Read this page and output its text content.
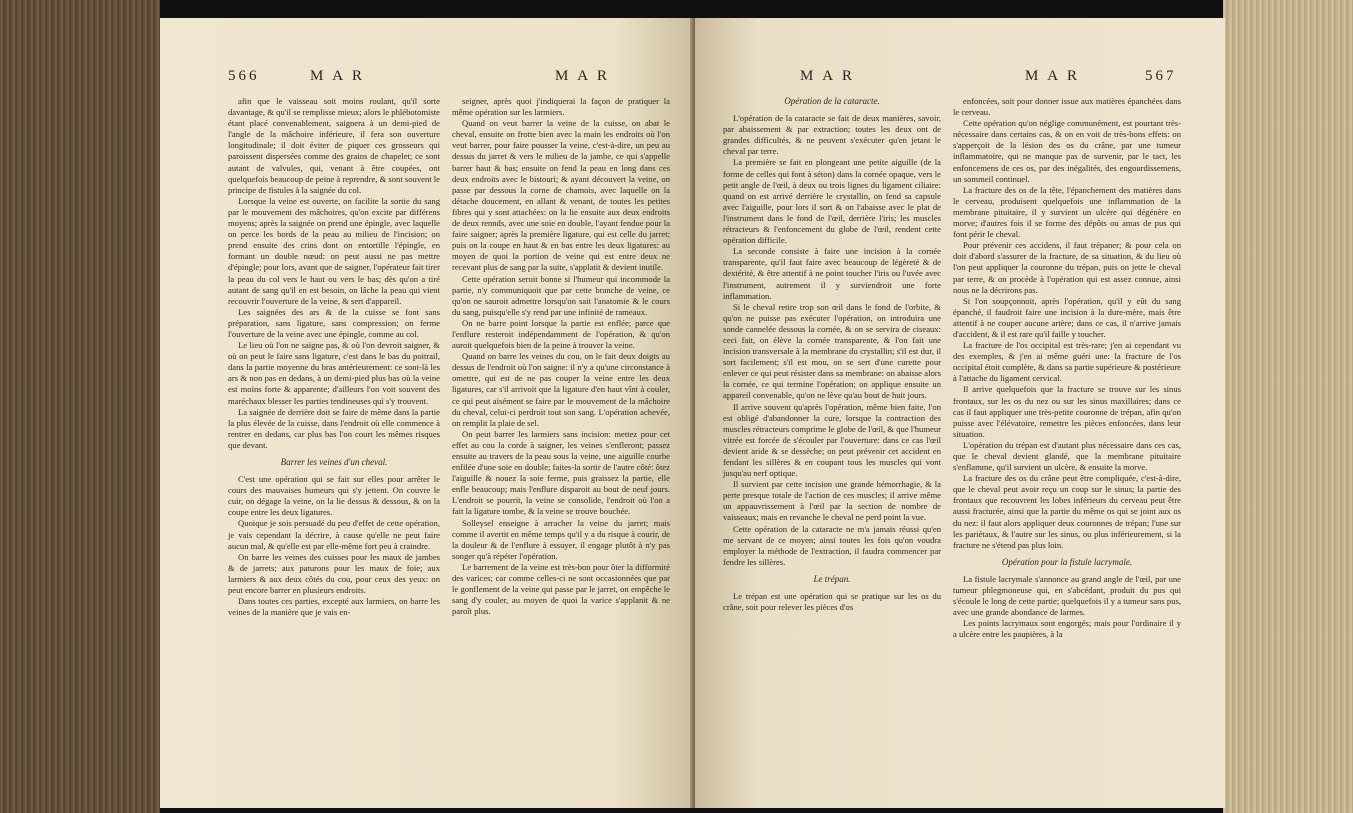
566	M A R	M A R

afin que le vaisseau soit moins roulant, qu'il sorte davantage, & qu'il se remplisse mieux; alors le phlébotomiste étant placé convenablement, saignera à un demi-pied de l'angle de la mâchoire inférieure, il fera son ouverture longitudinale; il doit éviter de piquer ces grosseurs qui paroissent dispersées comme des grains de chapelet; ce sont autant de valvules, qui, venant à être coupées, ont quelquefois beaucoup de peine à reprendre, & sont souvent le principe de fistules à la saignée du col.

Lorsque la veine est ouverte, on facilite la sortie du sang par le mouvement des mâchoires, qu'on excite par différens moyens; après la saignée on prend une épingle, avec laquelle on perce les bords de la peau au milieu de l'incision; on prend ensuite des crins dont on entortille l'épingle, en formant un double nœud: on peut aussi ne pas mettre d'épingle; pour lors, avant que de saigner, l'opérateur fait tirer la peau du col vers le haut ou vers le bas; dès qu'on a tiré autant de sang qu'il en est besoin, on lâche la peau qui vient recouvrir l'ouverture de la veine, & sert d'appareil.

Les saignées des ars & de la cuisse se font sans préparation, sans ligature, sans compression; on ferme l'ouverture de la veine avec une épingle, comme au col.

Le lieu où l'on ne saigne pas, & où l'on devroit saigner, & où on peut le faire sans ligature, c'est dans le bas du poitrail, dans la partie moyenne du bras antérieurement: ce sont-là les ars & non pas en dedans, à un demi-pied plus bas où la veine est moins forte & apparente; d'ailleurs l'on voit souvent des maréchaux blesser les parties tendineuses qui s'y trouvent.

La saignée de derrière doit se faire de même dans la partie la plus élevée de la cuisse, dans l'endroit où elle commence à rentrer en dedans, car plus bas l'on court les mêmes risques que devant.

Barrer les veines d'un cheval.

C'est une opération qui se fait sur elles pour arrêter le cours des mauvaises humeurs qui s'y jettent. On couvre le cuir, on dégage la veine, on la lie dessus & dessous, & on la coupe entre les deux ligatures.

Quoique je sois persuadé du peu d'effet de cette opération, je vais cependant la décrire, à cause qu'elle ne peut faire aucun mal, & qu'elle est par elle-même fort peu à craindre.

On barre les veines des cuisses pour les maux de jambes & de jarrets; aux paturons pour les maux de foie; aux larmiers & aux deux côtés du cou, pour ceux des yeux: on peut encore barrer en plusieurs endroits.

Dans toutes ces parties, excepté aux larmiers, on barre les veines de la manière que je vais en-

seigner, après quoi j'indiquerai la façon de pratiquer la même opération sur les larmiers.

Quand on veut barrer la veine de la cuisse, on abat le cheval, ensuite on frotte bien avec la main les endroits où l'on veut barrer, pour faire pousser la veine, c'est-à-dire, un peu au dessus du jarret & vers le milieu de la jambe, ce qui s'appelle barrer haut & bas; ensuite on fend la peau en long dans ces deux endroits avec le bistouri; & ayant découvert la veine, on passe par dessous la corne de chamois, avec laquelle on la détache doucement, en allant & venant, de toutes les petites fibres qui y sont attachées: on la lie ensuite aux deux endroits de deux rennds, avec une soie en double, l'ayant fendue pour la faire saigner; après la première ligature, qui est celle du jarret; puis on la coupe en haut & en bas entre les deux ligatures: au moyen de quoi la portion de veine qui est entre deux ne recevant plus de sang par la suite, s'applatit & devient inutile.

Cette opération seroit bonne si l'humeur qui incommode la partie, n'y communiquoit que par cette branche de veine, ce qu'on ne sauroit admettre lorsqu'on sait l'anatomie & le cours du sang, puisqu'elle s'y rend par une infinité de rameaux.

On ne barre point lorsque la partie est enflée; parce que l'enflure resteroit indépendamment de l'opération, & qu'on auroit quelquefois bien de la peine à trouver la veine.

Quand on barre les veines du cou, on le fait deux doigts au dessus de l'endroit où l'on saigne: il n'y a qu'une circonstance à omettre, qui est de ne pas couper la veine entre les deux ligatures, car s'il arrivoit que la ligature d'en haut vînt à couler, ce qui peut aisément se faire par le mouvement de la mâchoire du cheval, celui-ci perdroit tout son sang. L'opération achevée, on remplit la plaie de sel.

On peut barrer les larmiers sans incision: mettez pour cet effet au cou la corde à saigner, les veines s'enfleront; passez ensuite au travers de la peau sous la veine, une aiguille courbe enfilée d'une soie en double; faites-la sortir de l'autre côté: ôtez l'aiguille & nouez la soie ferme, puis graissez la partie, elle enfle beaucoup; mais l'enflure disparoit au bout de neuf jours. L'endroit se pourrit, la veine se consolide, l'endroit où l'on a fait la ligature tombe, & la veine se trouve bouchée.

Solleysel enseigne à arracher la veine du jarret; mais comme il avertit en même temps qu'il y a du risque à courir, de la douleur & de l'enflure à essuyer, il engage plutôt à n'y pas songer qu'à répéter l'opération.

Le barrement de la veine est très-bon pour ôter la difformité des varices; car comme celles-ci ne sont occasionnées que par le gonflement de la veine qui passe par le jarret, on empêche le sang d'y couler, au moyen de quoi la varice s'applanit & ne paroît plus.

M A R	M A R	567
Opération de la cataracte.

L'opération de la cataracte se fait de deux manières, savoir, par abaissement & par extraction; toutes les deux ont de grandes difficultés, & ne peuvent s'exécuter qu'en jetant le cheval par terre.

La première se fait en plongeant une petite aiguille (de la forme de celles qui font à séton) dans la cornée opaque, vers le petit angle de l'œil, à deux ou trois lignes du ligament ciliaire: quand on est arrivé derrière le crystallin, on fend sa capsule avec l'aiguille, pour lors il sort & on l'abaisse avec le plat de l'instrument dans le fond de l'œil, derrière l'iris; les muscles rétracteurs & l'enfoncement du globe de l'œil, rendent cette opération difficile.

La seconde consiste à faire une incision à la cornée transparente, qu'il faut faire avec beaucoup de légèreté & de dextérité, & être attentif à ne point toucher l'iris ou l'uvée avec l'instrument, autrement il y surviendroit une forte inflammation.

Si le cheval retire trop son œil dans le fond de l'orbite, & qu'on ne puisse pas exécuter l'opération, on introduira une sonde cannelée dessous la cornée, & on se servira de ciseaux: ceci fait, on élève la cornée transparente, & l'on fait une incision transversale à la membrane du crystallin; s'il est dur, il sort facilement; s'il est mou, on se sert d'une curette pour enlever ce qui peut résister dans sa membrane: on abaisse alors la cornée, ce qui termine l'opération; on applique ensuite un appareil convenable, qu'on ne lève qu'au bout de huit jours.

Il arrive souvent qu'après l'opération, même bien faite, l'on est obligé d'abandonner la cure, lorsque la contraction des muscles rétracteurs comprime le globe de l'œil, & que l'humeur vitrée est forcée de s'écouler par l'ouverture: dans ce cas l'œil devient aride & se dessèche; on peut prévenir cet accident en fendant les sillères & en coupant tous les muscles qui vont jusqu'au nerf optique.

Il survient par cette incision une grande hémorrhagie, & la perte presque totale de l'action de ces muscles; il arrive même un appauvrissement à l'œil par la section de nombre de vaisseaux; mais en revanche le cheval ne perd point la vue.

Cette opération de la cataracte ne m'a jamais réussi qu'en me servant de ce moyen; ainsi toutes les fois qu'on voudra employer la méthode de l'extraction, il faudra commencer par fendre les sillères.

Le trépan.

Le trépan est une opération qui se pratique sur les os du crâne, soit pour relever les pièces d'os

enfoncées, soit pour donner issue aux matières épanchées dans le cerveau.

Cette opération qu'on néglige communément, est pourtant très-nécessaire dans certains cas, & on en voit de très-bons effets: on s'apperçoit de la lésion des os du crâne, par une tumeur inflammatoire, qui ne manque pas de survenir, par le tact, les enfoncemens de ces os, par des inégalités, des engourdissemens, un sommeil continuel.

La fracture des os de la tête, l'épanchement des matières dans le cerveau, produisent quelquefois une inflammation de la membrane pituitaire, il y survient un ulcère qui dégénère en morve; d'autres fois il se forme des dépôts ou amas de pus qui font périr le cheval.

Pour prévenir ces accidens, il faut trépaner; & pour cela on doit d'abord s'assurer de la fracture, de sa situation, & du lieu où l'on peut appliquer la couronne du trépan, puis on jette le cheval par terre, & on procède à l'opération qui est assez connue, ainsi nous ne la décrirons pas.

Si l'on soupçonnoit, après l'opération, qu'il y eût du sang épanché, il faudroit faire une incision à la dure-mère, mais être attentif à ne couper aucune artère; dans ce cas, il n'arrive jamais d'accident, & il est rare qu'il faille y toucher.

La fracture de l'os occipital est très-rare; j'en ai cependant vu des exemples, & j'en ai même guéri une: la fracture de l'os occipital étoit complète, & dans sa partie supérieure & postérieure à l'attache du ligament cervical.

Il arrive quelquefois que la fracture se trouve sur les sinus frontaux, sur les os du nez ou sur les sinus maxillaires; dans ce cas il faut appliquer une très-petite couronne de trépan, afin qu'on puisse avec l'élévatoire, remettre les pièces enfoncées, dans leur situation.

L'opération du trépan est d'autant plus nécessaire dans ces cas, que le cheval devient glandé, que la membrane pituitaire s'enflamme, qu'il survient un ulcère, & ensuite la morve.

La fracture des os du crâne peut être compliquée, c'est-à-dire, que le cheval peut avoir reçu un coup sur le sinus; la partie des frontaux que recouvrent les lobes inférieurs du cerveau peut être aussi fracturée, ainsi que la partie du même os qui se joint aux os du nez: il faut alors appliquer deux couronnes de trépan; l'une sur les pariétaux, & l'autre sur les sinus, ou plus inférieurement, si la fracture ne s'étend pas plus loin.

Opération pour la fistule lacrymale.

La fistule lacrymale s'annonce au grand angle de l'œil, par une tumeur phlegmoneuse qui, en s'abcédant, produit du pus qui s'écoule le long de cette partie; quelquefois il y a tumeur sans pus, avec une grande abondance de larmes.

Les points lacrymaux sont engorgés; mais pour l'ordinaire il y a ulcère entre les paupières, à la
